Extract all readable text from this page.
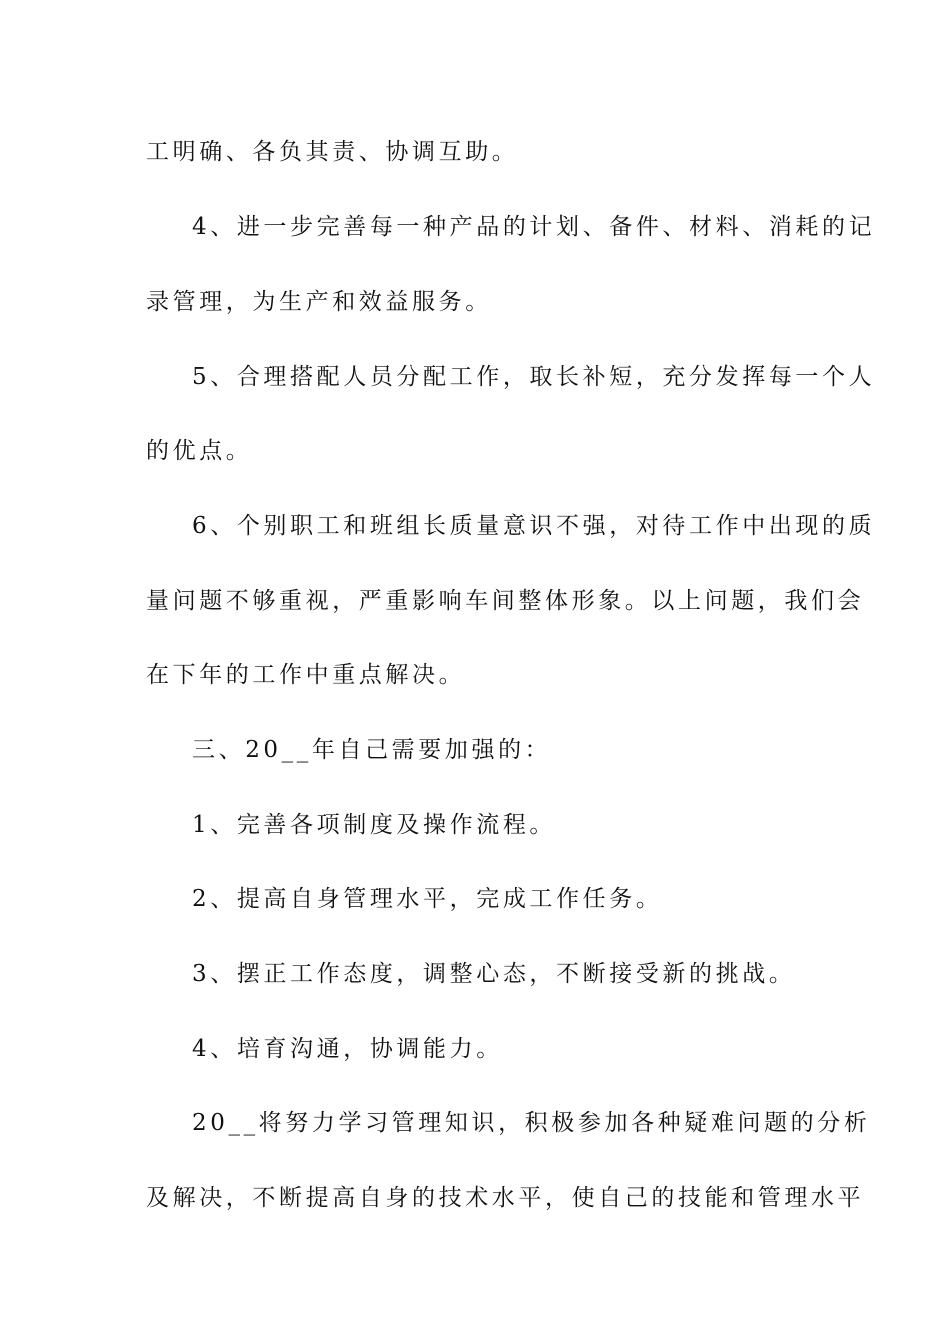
工明确、各负其责、协调互助。
4、进一步完善每一种产品的计划、备件、材料、消耗的记
录管理，为生产和效益服务。
5、合理搭配人员分配工作，取长补短，充分发挥每一个人
的优点。
6、个别职工和班组长质量意识不强，对待工作中出现的质
量问题不够重视，严重影响车间整体形象。以上问题，我们会
在下年的工作中重点解决。
三、20__年自己需要加强的：
1、完善各项制度及操作流程。
2、提高自身管理水平，完成工作任务。
3、摆正工作态度，调整心态，不断接受新的挑战。
4、培育沟通，协调能力。
20__将努力学习管理知识，积极参加各种疑难问题的分析
及解决，不断提高自身的技术水平，使自己的技能和管理水平
